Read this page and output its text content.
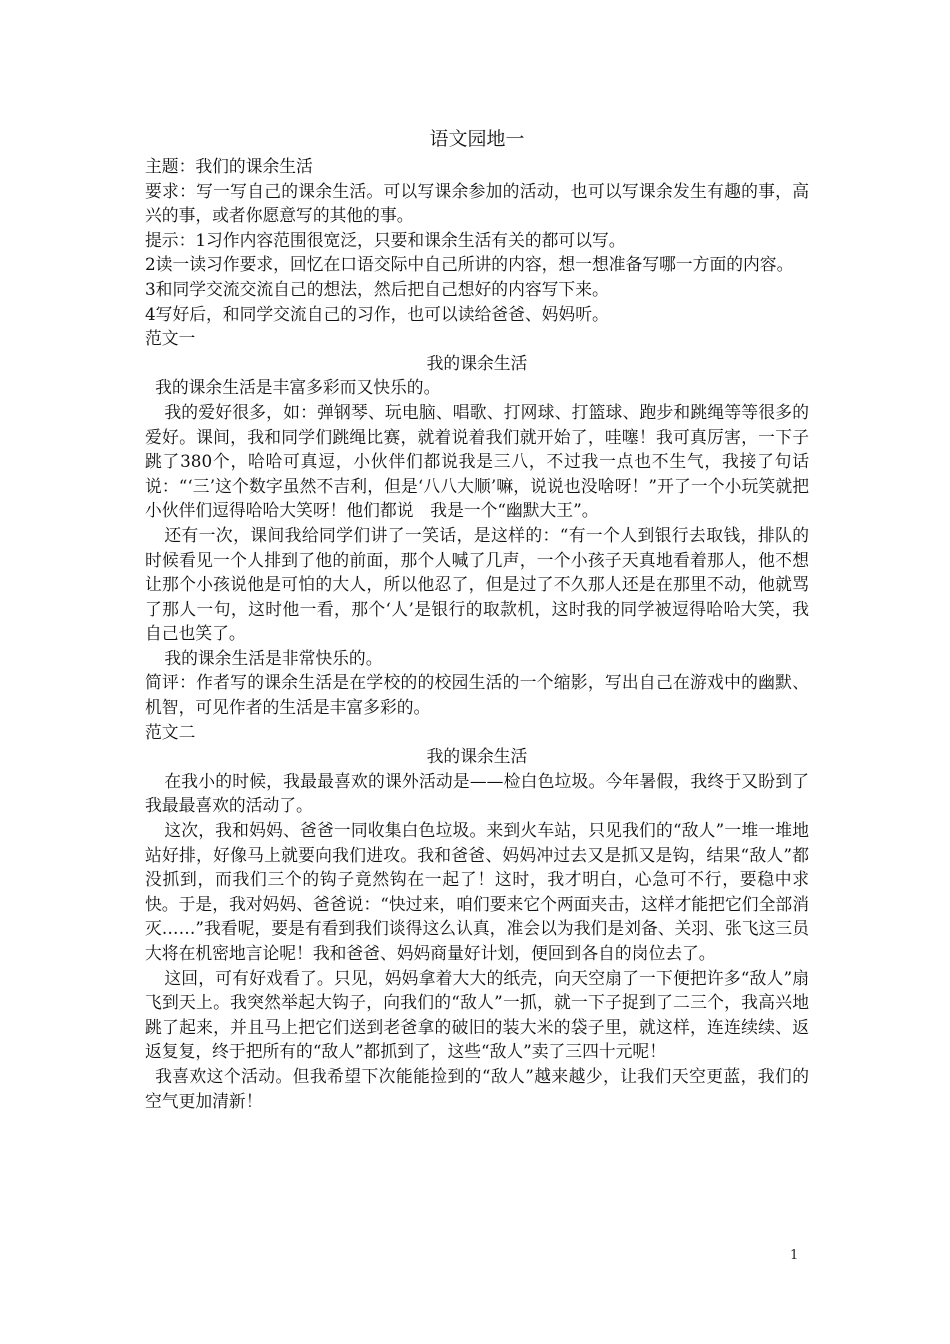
语文园地一

主题：我们的课余生活

要求：写一写自己的课余生活。可以写课余参加的活动，也可以写课余发生有趣的事，高兴的事，或者你愿意写的其他的事。

提示：1习作内容范围很宽泛，只要和课余生活有关的都可以写。

2读一读习作要求，回忆在口语交际中自己所讲的内容，想一想准备写哪一方面的内容。

3和同学交流交流自己的想法，然后把自己想好的内容写下来。

4写好后，和同学交流自己的习作，也可以读给爸爸、妈妈听。

范文一

我的课余生活

我的课余生活是丰富多彩而又快乐的。

我的爱好很多，如：弹钢琴、玩电脑、唱歌、打网球、打篮球、跑步和跳绳等等很多的爱好。课间，我和同学们跳绳比赛，就着说着我们就开始了，哇噻！我可真厉害，一下子跳了380个，哈哈可真逗，小伙伴们都说我是三八，不过我一点也不生气，我接了句话说：“‘三’这个数字虽然不吉利，但是‘八八大顺’嘛，说说也没啥呀！”开了一个小玩笑就把小伙伴们逗得哈哈大笑呀！他们都说　我是一个“幽默大王”。

还有一次，课间我给同学们讲了一笑话，是这样的：“有一个人到银行去取钱，排队的时候看见一个人排到了他的前面，那个人喊了几声，一个小孩子天真地看着那人，他不想让那个小孩说他是可怕的大人，所以他忍了，但是过了不久那人还是在那里不动，他就骂了那人一句，这时他一看，那个‘人’是银行的取款机，这时我的同学被逗得哈哈大笑，我自己也笑了。

我的课余生活是非常快乐的。

简评：作者写的课余生活是在学校的的校园生活的一个缩影，写出自己在游戏中的幽默、机智，可见作者的生活是丰富多彩的。

范文二

我的课余生活

在我小的时候，我最最喜欢的课外活动是——检白色垃圾。今年暑假，我终于又盼到了我最最喜欢的活动了。

这次，我和妈妈、爸爸一同收集白色垃圾。来到火车站，只见我们的“敌人”一堆一堆地站好排，好像马上就要向我们进攻。我和爸爸、妈妈冲过去又是抓又是钩，结果“敌人”都没抓到，而我们三个的钩子竟然钩在一起了！这时，我才明白，心急可不行，要稳中求快。于是，我对妈妈、爸爸说：“快过来，咱们要来它个两面夹击，这样才能把它们全部消灭……”我看呢，要是有看到我们谈得这么认真，准会以为我们是刘备、关羽、张飞这三员大将在机密地言论呢！我和爸爸、妈妈商量好计划，便回到各自的岗位去了。

这回，可有好戏看了。只见，妈妈拿着大大的纸壳，向天空扇了一下便把许多“敌人”扇飞到天上。我突然举起大钩子，向我们的“敌人”一抓，就一下子捉到了二三个，我高兴地跳了起来，并且马上把它们送到老爸拿的破旧的装大米的袋子里，就这样，连连续续、返返复复，终于把所有的“敌人”都抓到了，这些“敌人”卖了三四十元呢！

我喜欢这个活动。但我希望下次能能捡到的“敌人”越来越少，让我们天空更蓝，我们的空气更加清新！

1
